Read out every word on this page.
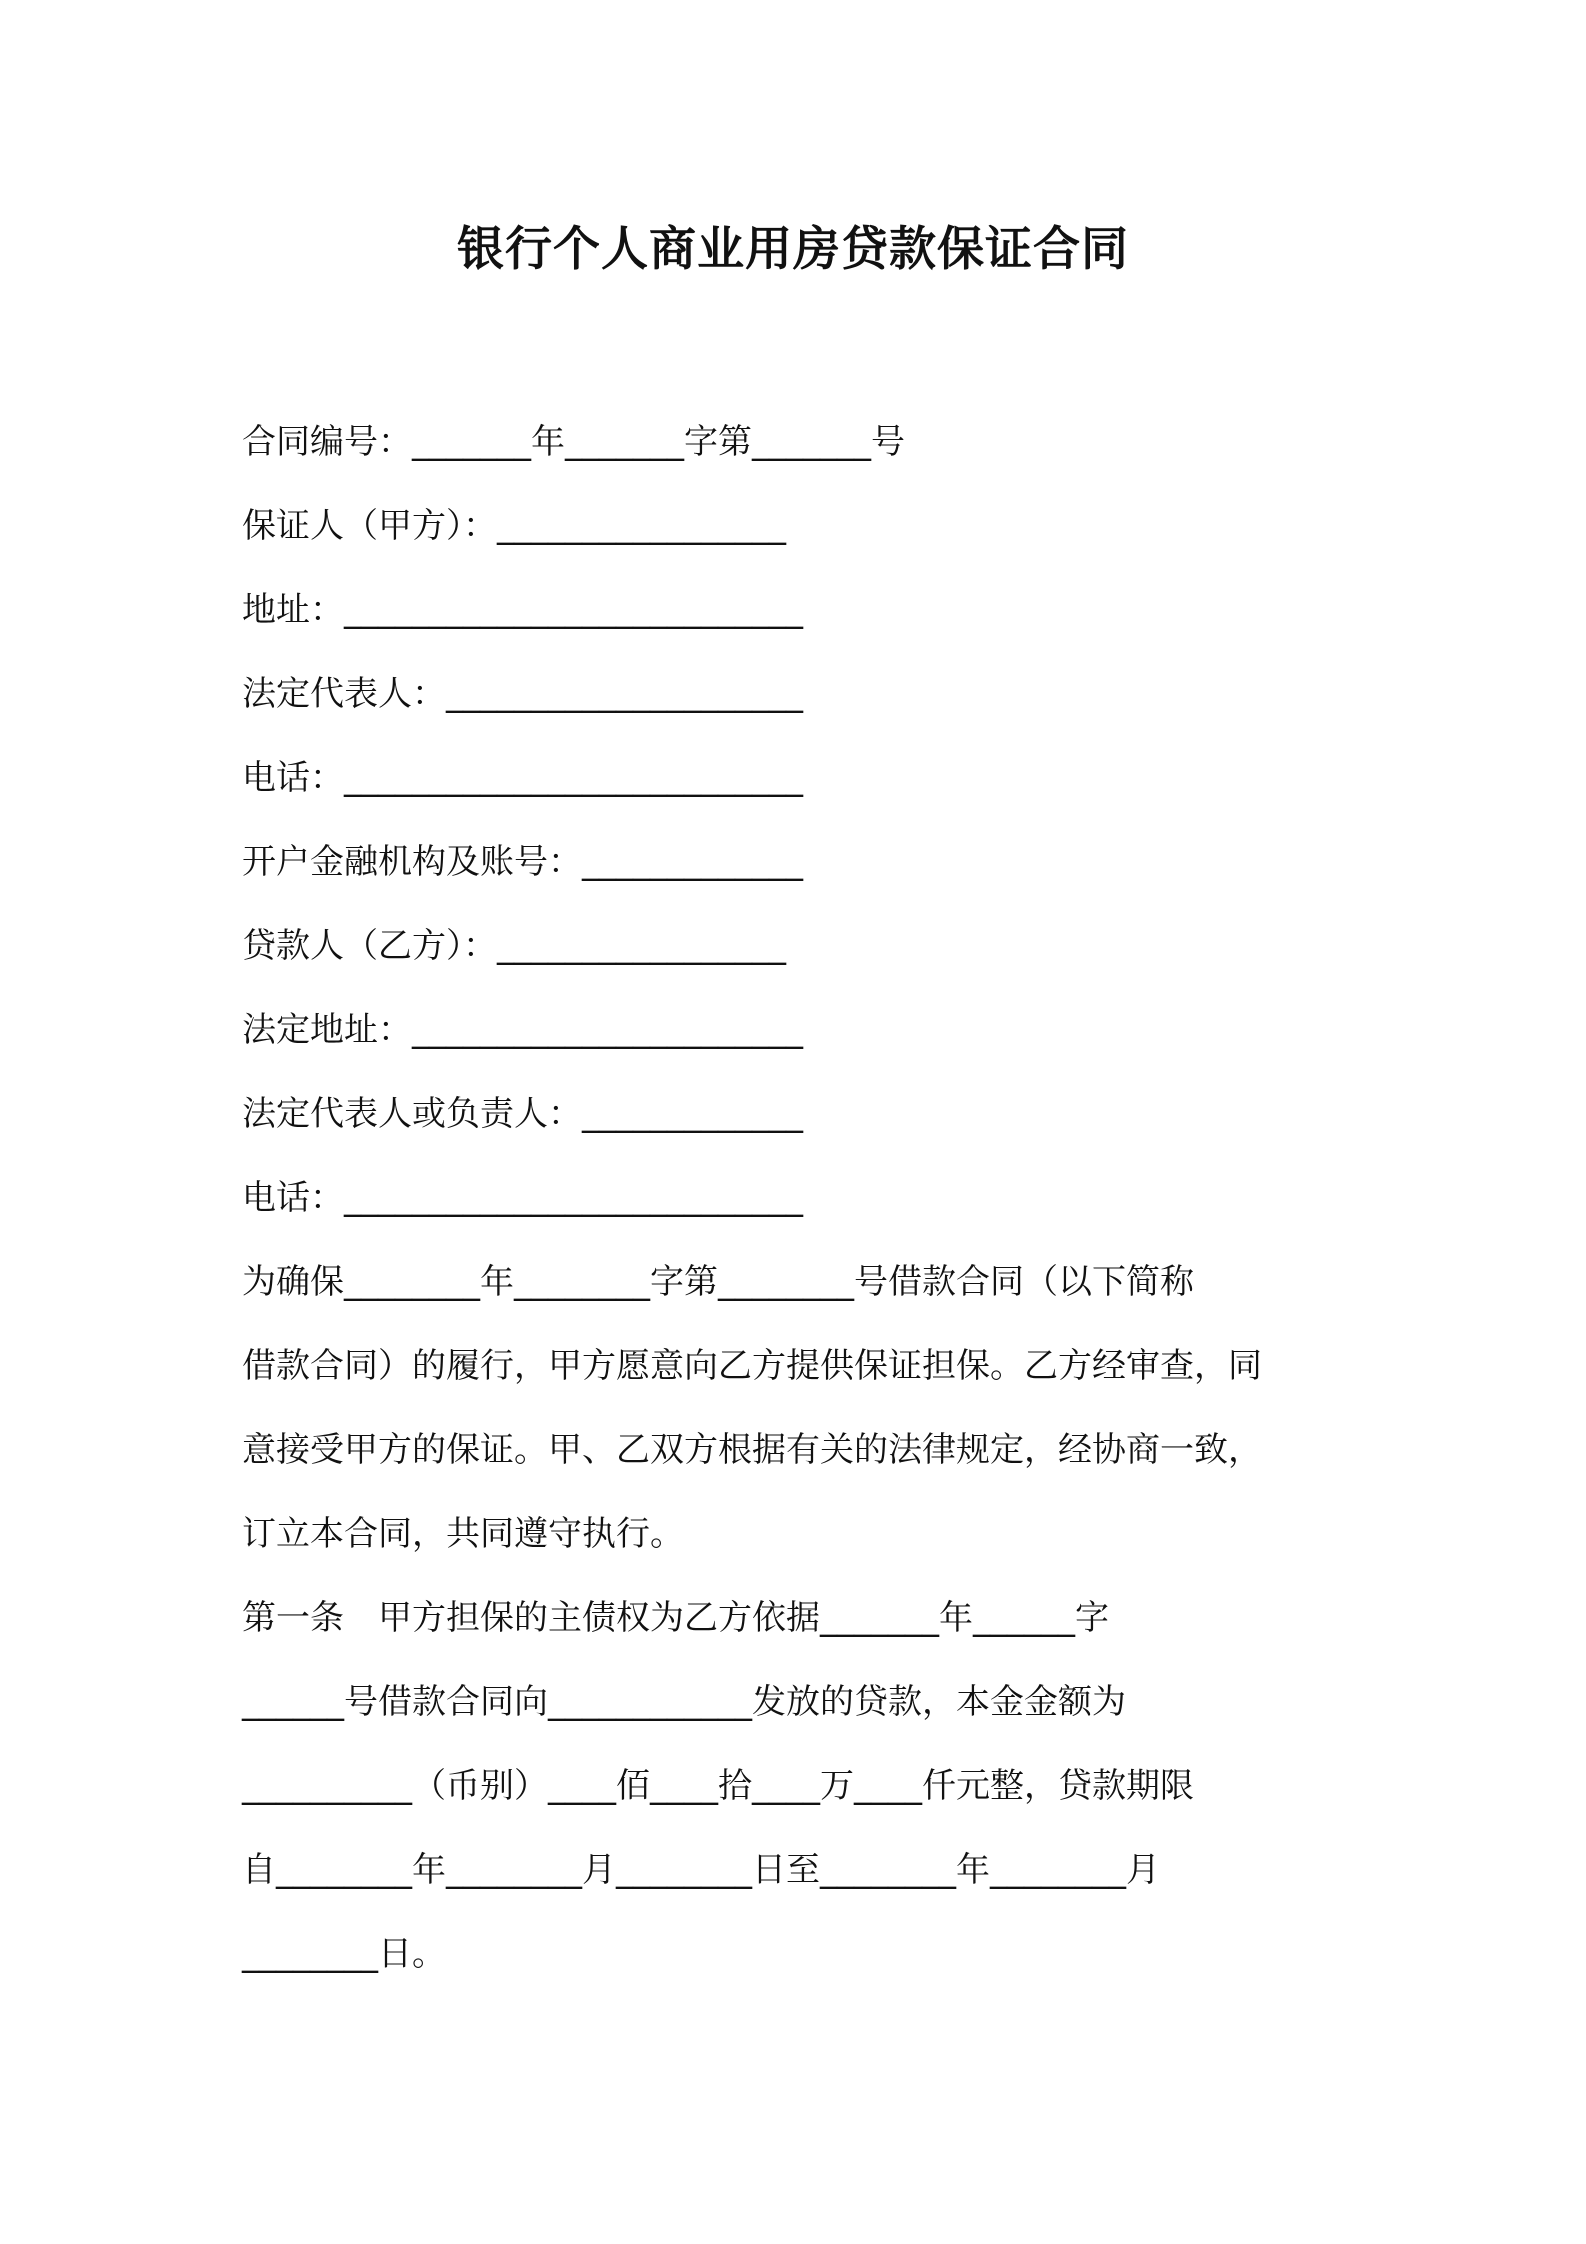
银行个人商业用房贷款保证合同
合同编号：_______年_______字第_______号
保证人（甲方）：_________________
地址：___________________________
法定代表人：_____________________
电话：___________________________
开户金融机构及账号：_____________
贷款人（乙方）：_________________
法定地址：_______________________
法定代表人或负责人：_____________
电话：___________________________
为确保________年________字第________号借款合同（以下简称
借款合同）的履行，甲方愿意向乙方提供保证担保。乙方经审查，同
意接受甲方的保证。甲、乙双方根据有关的法律规定，经协商一致，
订立本合同，共同遵守执行。
第一条　甲方担保的主债权为乙方依据_______年______字
______号借款合同向____________发放的贷款，本金金额为
__________（币别）____佰____拾____万____仟元整，贷款期限
自________年________月________日至________年________月
________日。
